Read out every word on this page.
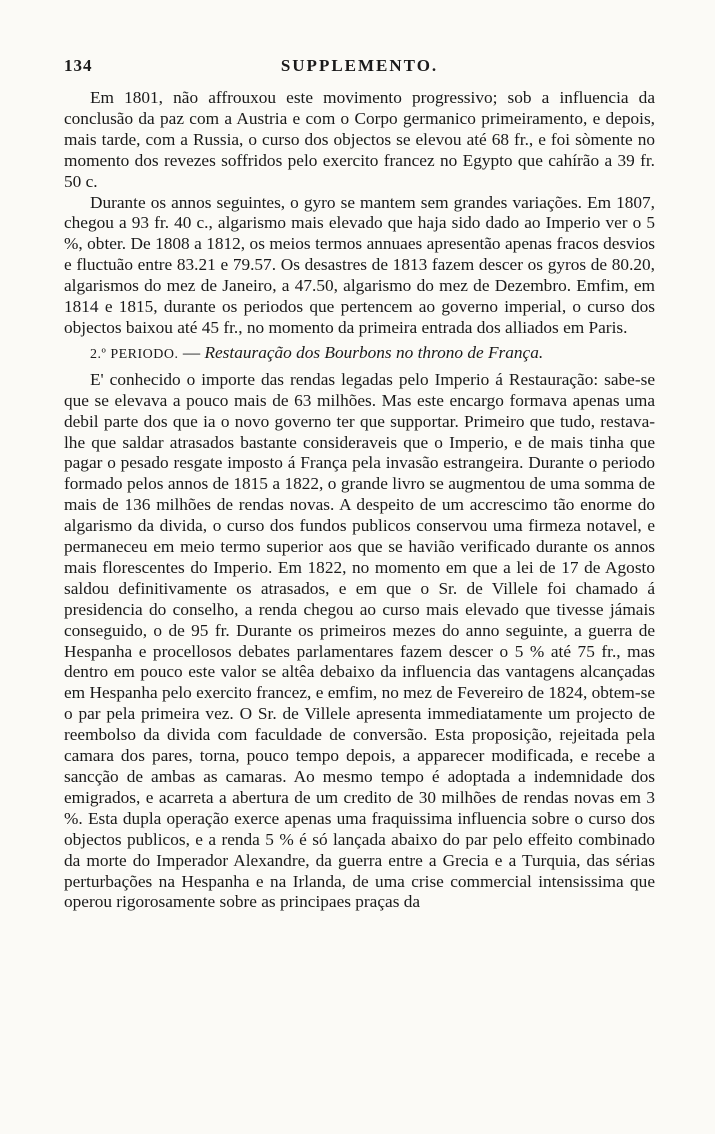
134	SUPPLEMENTO.

Em 1801, não affrouxou este movimento progressivo; sob a influencia da conclusão da paz com a Austria e com o Corpo germanico primeiramento, e depois, mais tarde, com a Russia, o curso dos objectos se elevou até 68 fr., e foi sòmente no momento dos revezes soffridos pelo exercito francez no Egypto que cahírão a 39 fr. 50 c.

Durante os annos seguintes, o gyro se mantem sem grandes variações. Em 1807, chegou a 93 fr. 40 c., algarismo mais elevado que haja sido dado ao Imperio ver o 5 %, obter. De 1808 a 1812, os meios termos annuaes apresentão apenas fracos desvios e fluctuão entre 83.21 e 79.57. Os desastres de 1813 fazem descer os gyros de 80.20, algarismos do mez de Janeiro, a 47.50, algarismo do mez de Dezembro. Emfim, em 1814 e 1815, durante os periodos que pertencem ao governo imperial, o curso dos objectos baixou até 45 fr., no momento da primeira entrada dos alliados em Paris.

2.º PERIODO. — Restauração dos Bourbons no throno de França.

E' conhecido o importe das rendas legadas pelo Imperio á Restauração: sabe-se que se elevava a pouco mais de 63 milhões. Mas este encargo formava apenas uma debil parte dos que ia o novo governo ter que supportar. Primeiro que tudo, restava-lhe que saldar atrasados bastante consideraveis que o Imperio, e de mais tinha que pagar o pesado resgate imposto á França pela invasão estrangeira. Durante o periodo formado pelos annos de 1815 a 1822, o grande livro se augmentou de uma somma de mais de 136 milhões de rendas novas. A despeito de um accrescimo tão enorme do algarismo da divida, o curso dos fundos publicos conservou uma firmeza notavel, e permaneceu em meio termo superior aos que se havião verificado durante os annos mais florescentes do Imperio. Em 1822, no momento em que a lei de 17 de Agosto saldou definitivamente os atrasados, e em que o Sr. de Villele foi chamado á presidencia do conselho, a renda chegou ao curso mais elevado que tivesse jámais conseguido, o de 95 fr. Durante os primeiros mezes do anno seguinte, a guerra de Hespanha e procellosos debates parlamentares fazem descer o 5 % até 75 fr., mas dentro em pouco este valor se altêa debaixo da influencia das vantagens alcançadas em Hespanha pelo exercito francez, e emfim, no mez de Fevereiro de 1824, obtem-se o par pela primeira vez. O Sr. de Villele apresenta immediatamente um projecto de reembolso da divida com faculdade de conversão. Esta proposição, rejeitada pela camara dos pares, torna, pouco tempo depois, a apparecer modificada, e recebe a sancção de ambas as camaras. Ao mesmo tempo é adoptada a indemnidade dos emigrados, e acarreta a abertura de um credito de 30 milhões de rendas novas em 3 %. Esta dupla operação exerce apenas uma fraquissima influencia sobre o curso dos objectos publicos, e a renda 5 % é só lançada abaixo do par pelo effeito combinado da morte do Imperador Alexandre, da guerra entre a Grecia e a Turquia, das sérias perturbações na Hespanha e na Irlanda, de uma crise commercial intensissima que operou rigorosamente sobre as principaes praças da
